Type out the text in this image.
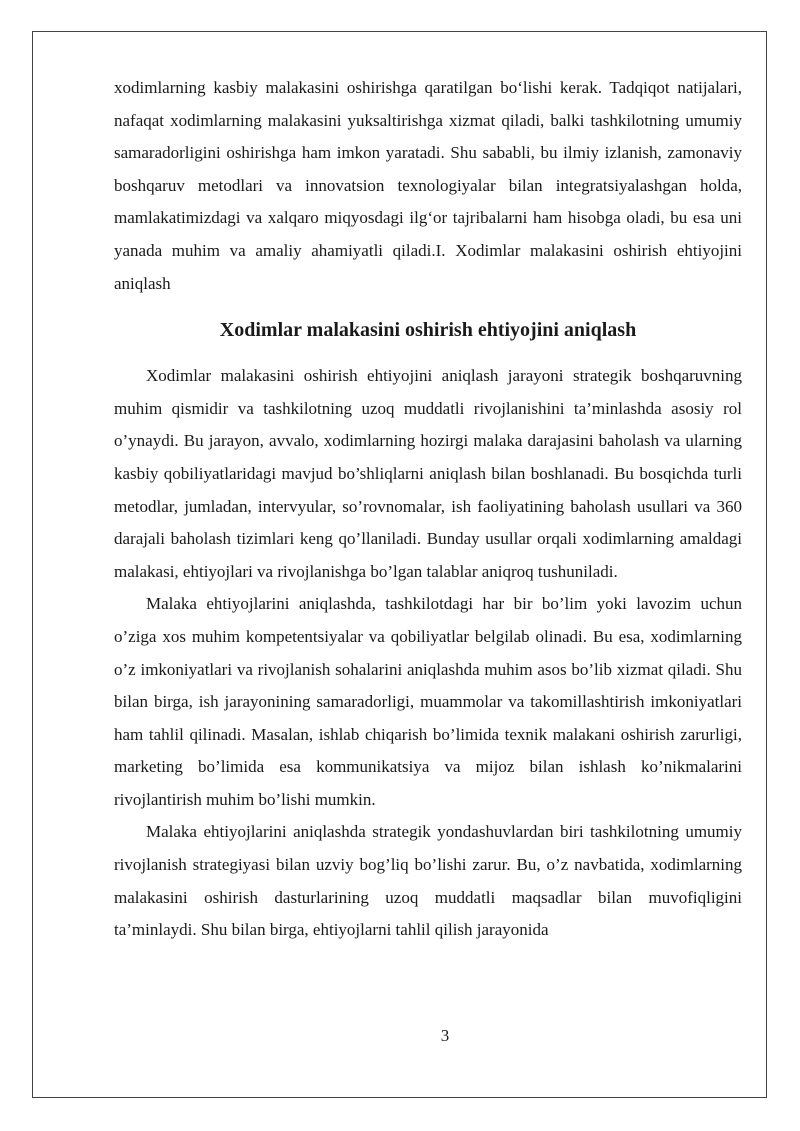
xodimlarning kasbiy malakasini oshirishga qaratilgan bo‘lishi kerak. Tadqiqot natijalari, nafaqat xodimlarning malakasini yuksaltirishga xizmat qiladi, balki tashkilotning umumiy samaradorligini oshirishga ham imkon yaratadi. Shu sababli, bu ilmiy izlanish, zamonaviy boshqaruv metodlari va innovatsion texnologiyalar bilan integratsiyalashgan holda, mamlakatimizdagi va xalqaro miqyosdagi ilg‘or tajribalarni ham hisobga oladi, bu esa uni yanada muhim va amaliy ahamiyatli qiladi.I. Xodimlar malakasini oshirish ehtiyojini aniqlash

Xodimlar malakasini oshirish ehtiyojini aniqlash

Xodimlar malakasini oshirish ehtiyojini aniqlash jarayoni strategik boshqaruvning muhim qismidir va tashkilotning uzoq muddatli rivojlanishini ta’minlashda asosiy rol o’ynaydi. Bu jarayon, avvalo, xodimlarning hozirgi malaka darajasini baholash va ularning kasbiy qobiliyatlaridagi mavjud bo’shliqlarni aniqlash bilan boshlanadi. Bu bosqichda turli metodlar, jumladan, intervyular, so’rovnomalar, ish faoliyatining baholash usullari va 360 darajali baholash tizimlari keng qo’llaniladi. Bunday usullar orqali xodimlarning amaldagi malakasi, ehtiyojlari va rivojlanishga bo’lgan talablar aniqroq tushuniladi.

Malaka ehtiyojlarini aniqlashda, tashkilotdagi har bir bo’lim yoki lavozim uchun o’ziga xos muhim kompetentsiyalar va qobiliyatlar belgilab olinadi. Bu esa, xodimlarning o’z imkoniyatlari va rivojlanish sohalarini aniqlashda muhim asos bo’lib xizmat qiladi. Shu bilan birga, ish jarayonining samaradorligi, muammolar va takomillashtirish imkoniyatlari ham tahlil qilinadi. Masalan, ishlab chiqarish bo’limida texnik malakani oshirish zarurligi, marketing bo’limida esa kommunikatsiya va mijoz bilan ishlash ko’nikmalarini rivojlantirish muhim bo’lishi mumkin.

Malaka ehtiyojlarini aniqlashda strategik yondashuvlardan biri tashkilotning umumiy rivojlanish strategiyasi bilan uzviy bog’liq bo’lishi zarur. Bu, o’z navbatida, xodimlarning malakasini oshirish dasturlarining uzoq muddatli maqsadlar bilan muvofiqligini ta’minlaydi. Shu bilan birga, ehtiyojlarni tahlil qilish jarayonida

3
